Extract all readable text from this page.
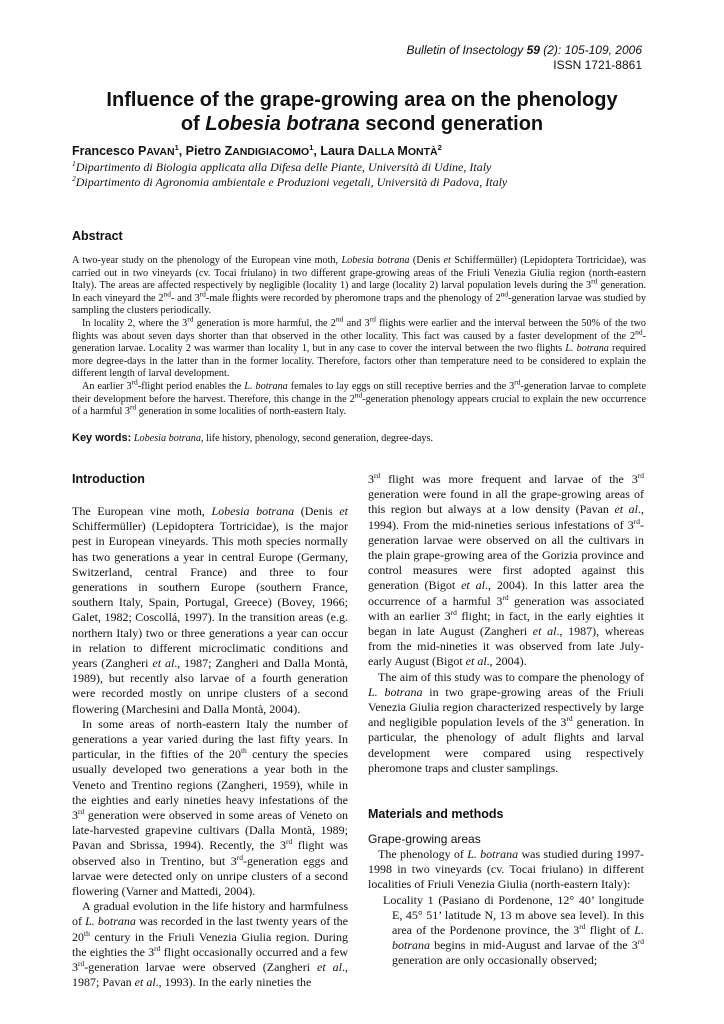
Bulletin of Insectology 59 (2): 105-109, 2006
ISSN 1721-8861
Influence of the grape-growing area on the phenology
of Lobesia botrana second generation
Francesco PAVAN$^1$, Pietro ZANDIGIACOMO$^1$, Laura DALLA MONTÀ$^2$
$^1$Dipartimento di Biologia applicata alla Difesa delle Piante, Università di Udine, Italy
$^2$Dipartimento di Agronomia ambientale e Produzioni vegetali, Università di Padova, Italy
Abstract

A two-year study on the phenology of the European vine moth, Lobesia botrana (Denis et Schiffermüller) (Lepidoptera Tortricidae), was carried out in two vineyards (cv. Tocai friulano) in two different grape-growing areas of the Friuli Venezia Giulia region (north-eastern Italy). The areas are affected respectively by negligible (locality 1) and large (locality 2) larval population levels during the 3rd generation. In each vineyard the 2nd- and 3rd-male flights were recorded by pheromone traps and the phenology of 2nd-generation larvae was studied by sampling the clusters periodically.

In locality 2, where the 3rd generation is more harmful, the 2nd and 3rd flights were earlier and the interval between the 50% of the two flights was about seven days shorter than that observed in the other locality. This fact was caused by a faster development of the 2nd-generation larvae. Locality 2 was warmer than locality 1, but in any case to cover the interval between the two flights L. botrana required more degree-days in the latter than in the former locality. Therefore, factors other than temperature need to be considered to explain the different length of larval development.

An earlier 3rd-flight period enables the L. botrana females to lay eggs on still receptive berries and the 3rd-generation larvae to complete their development before the harvest. Therefore, this change in the 2nd-generation phenology appears crucial to explain the new occurrence of a harmful 3rd generation in some localities of north-eastern Italy.

Key words: Lobesia botrana, life history, phenology, second generation, degree-days.
Introduction

The European vine moth, Lobesia botrana (Denis et Schiffermüller) (Lepidoptera Tortricidae), is the major pest in European vineyards. This moth species normally has two generations a year in central Europe (Germany, Switzerland, central France) and three to four generations in southern Europe (southern France, southern Italy, Spain, Portugal, Greece) (Bovey, 1966; Galet, 1982; Coscollá, 1997). In the transition areas (e.g. northern Italy) two or three generations a year can occur in relation to different microclimatic conditions and years (Zangheri et al., 1987; Zangheri and Dalla Montà, 1989), but recently also larvae of a fourth generation were recorded mostly on unripe clusters of a second flowering (Marchesini and Dalla Montà, 2004).

In some areas of north-eastern Italy the number of generations a year varied during the last fifty years. In particular, in the fifties of the 20th century the species usually developed two generations a year both in the Veneto and Trentino regions (Zangheri, 1959), while in the eighties and early nineties heavy infestations of the 3rd generation were observed in some areas of Veneto on late-harvested grapevine cultivars (Dalla Montà, 1989; Pavan and Sbrissa, 1994). Recently, the 3rd flight was observed also in Trentino, but 3rd-generation eggs and larvae were detected only on unripe clusters of a second flowering (Varner and Mattedi, 2004).

A gradual evolution in the life history and harmfulness of L. botrana was recorded in the last twenty years of the 20th century in the Friuli Venezia Giulia region. During the eighties the 3rd flight occasionally occurred and a few 3rd-generation larvae were observed (Zangheri et al., 1987; Pavan et al., 1993). In the early nineties the

3rd flight was more frequent and larvae of the 3rd generation were found in all the grape-growing areas of this region but always at a low density (Pavan et al., 1994). From the mid-nineties serious infestations of 3rd-generation larvae were observed on all the cultivars in the plain grape-growing area of the Gorizia province and control measures were first adopted against this generation (Bigot et al., 2004). In this latter area the occurrence of a harmful 3rd generation was associated with an earlier 3rd flight; in fact, in the early eighties it began in late August (Zangheri et al., 1987), whereas from the mid-nineties it was observed from late July-early August (Bigot et al., 2004).

The aim of this study was to compare the phenology of L. botrana in two grape-growing areas of the Friuli Venezia Giulia region characterized respectively by large and negligible population levels of the 3rd generation. In particular, the phenology of adult flights and larval development were compared using respectively pheromone traps and cluster samplings.

Materials and methods
Grape-growing areas

The phenology of L. botrana was studied during 1997-1998 in two vineyards (cv. Tocai friulano) in different localities of Friuli Venezia Giulia (north-eastern Italy):

Locality 1 (Pasiano di Pordenone, 12° 40’ longitude E, 45° 51’ latitude N, 13 m above sea level). In this area of the Pordenone province, the 3rd flight of L. botrana begins in mid-August and larvae of the 3rd generation are only occasionally observed;
